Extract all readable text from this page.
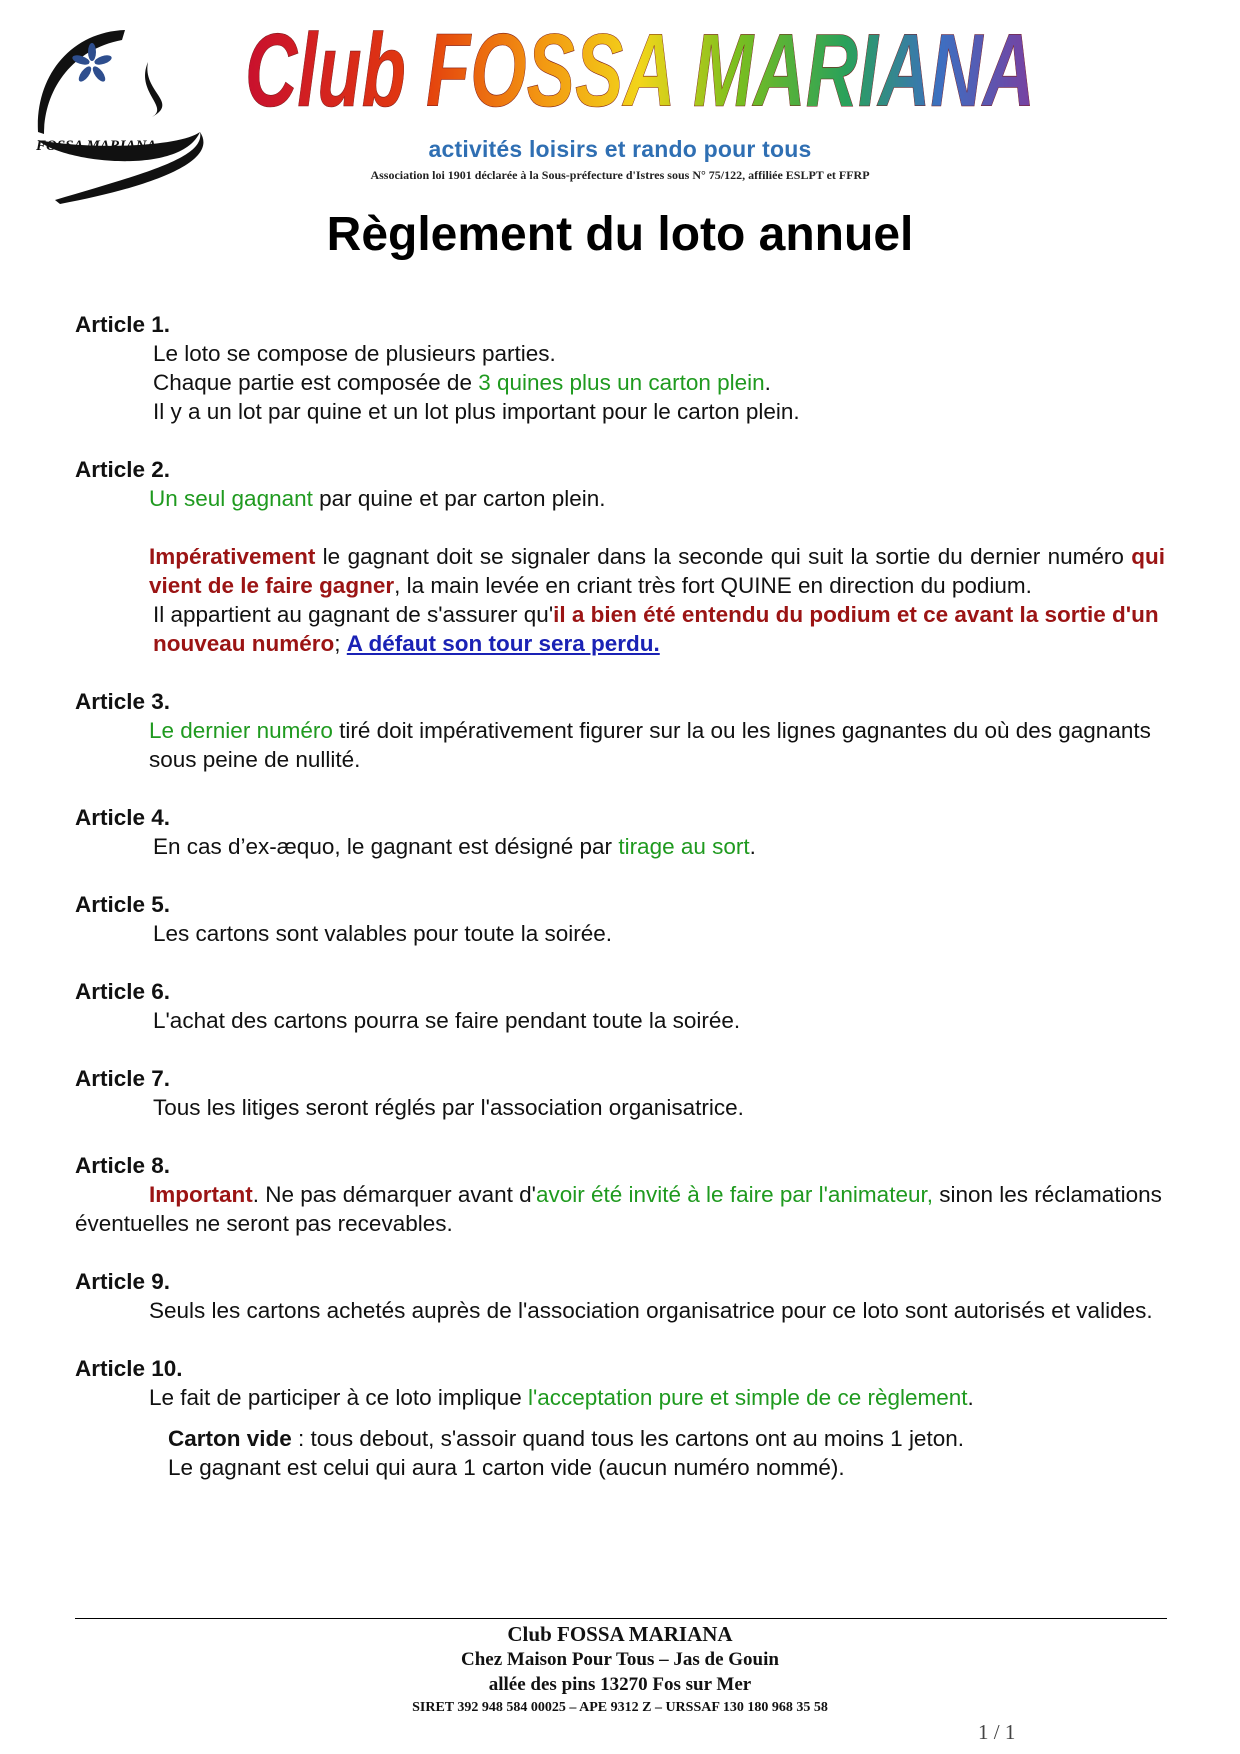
FOSSA MARIANA
Club FOSSA MARIANA
activités loisirs et rando pour tous
Association loi 1901 déclarée à la Sous-préfecture d'Istres sous N° 75/122, affiliée ESLPT et FFRP
Règlement du loto annuel
Article 1.
Le loto se compose de plusieurs parties.
Chaque partie est composée de 3 quines plus un carton plein.
Il y a un lot par quine et un lot plus important pour le carton plein.
Article 2.
Un seul gagnant par quine et par carton plein.
Impérativement le gagnant doit se signaler dans la seconde qui suit la sortie du dernier numéro qui vient de le faire gagner, la main levée en criant très fort QUINE en direction du podium.
Il appartient au gagnant de s'assurer qu'il a bien été entendu du podium et ce avant la sortie d'un nouveau numéro; A défaut son tour sera perdu.
Article 3.
Le dernier numéro tiré doit impérativement figurer sur la ou les lignes gagnantes du où des gagnants sous peine de nullité.
Article 4.
En cas d’ex-æquo, le gagnant est désigné par tirage au sort.
Article 5.
Les cartons sont valables pour toute la soirée.
Article 6.
L'achat des cartons pourra se faire pendant toute la soirée.
Article 7.
Tous les litiges seront réglés par l'association organisatrice.
Article 8.
Important. Ne pas démarquer avant d'avoir été invité à le faire par l'animateur, sinon les réclamations éventuelles ne seront pas recevables.
Article 9.
Seuls les cartons achetés auprès de l'association organisatrice pour ce loto sont autorisés et valides.
Article 10.
Le fait de participer à ce loto implique l'acceptation pure et simple de ce règlement.
Carton vide : tous debout, s'assoir quand tous les cartons ont au moins 1 jeton.
Le gagnant est celui qui aura 1 carton vide (aucun numéro nommé).
Club FOSSA MARIANA
Chez Maison Pour Tous – Jas de Gouin
allée des pins 13270 Fos sur Mer
SIRET 392 948 584 00025 – APE 9312 Z – URSSAF 130 180 968 35 58
1 / 1
